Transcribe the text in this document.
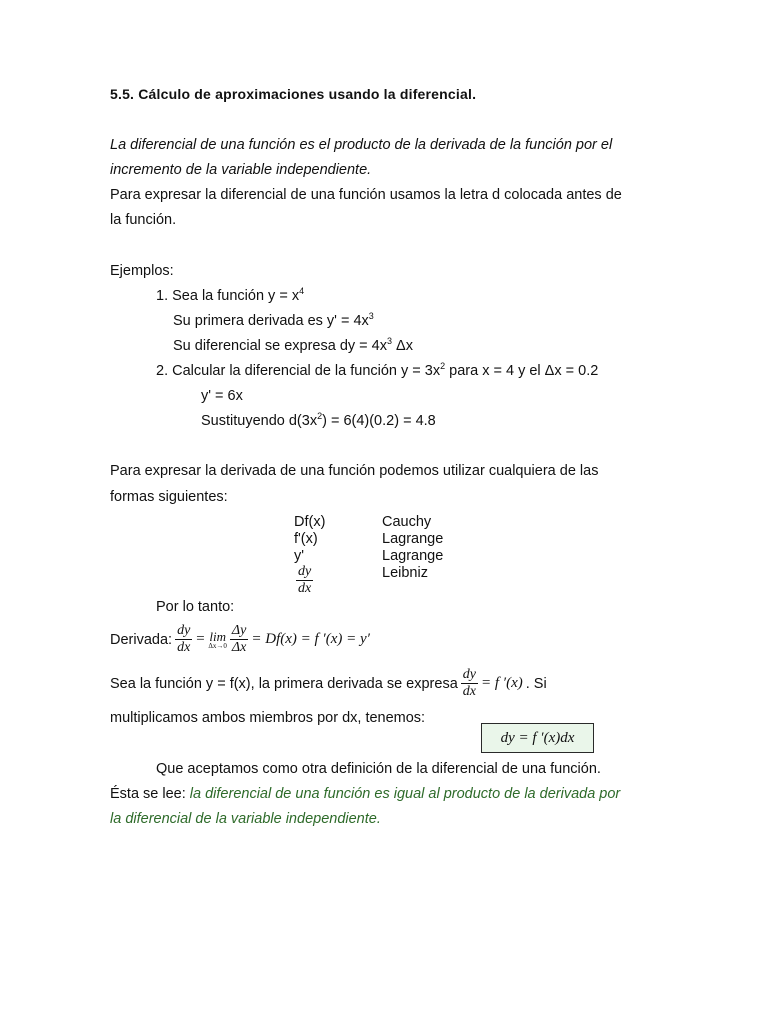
5.5. Cálculo de aproximaciones usando la diferencial.
La diferencial de una función es el producto de la derivada de la función por el
incremento de la variable independiente.
Para expresar la diferencial de una función usamos la letra d colocada antes de
la función.
Ejemplos:
1. Sea la función $y = x^4$
Su primera derivada es $y' = 4x^3$
Su diferencial se expresa dy = $4x^3$ Δx
2. Calcular la diferencial de la función $y = 3x^2$ para x = 4 y el Δx = 0.2
y' = 6x
Sustituyendo $d(3x^2) = 6(4)(0.2) = 4.8$
Para expresar la derivada de una función podemos utilizar cualquiera de las
formas siguientes:
Df(x)	Cauchy
f'(x)	Lagrange
y'	Lagrange
$\frac{dy}{dx}$	Leibniz
Por lo tanto:
Derivada: $\frac{dy}{dx} = \lim$
$\Delta x\to 0 \frac{\Delta y}{\Delta x} = Df(x) = f$ ′(x) = y′
Sea la función y = f(x), la primera derivada se expresa $\frac{dy}{dx} = f$ ′(x) . Si
multiplicamos ambos miembros por dx, tenemos:
dy = f ′(x)dx
Que aceptamos como otra definición de la diferencial de una función.
Ésta se lee: la diferencial de una función es igual al producto de la derivada por
la diferencial de la variable independiente.
